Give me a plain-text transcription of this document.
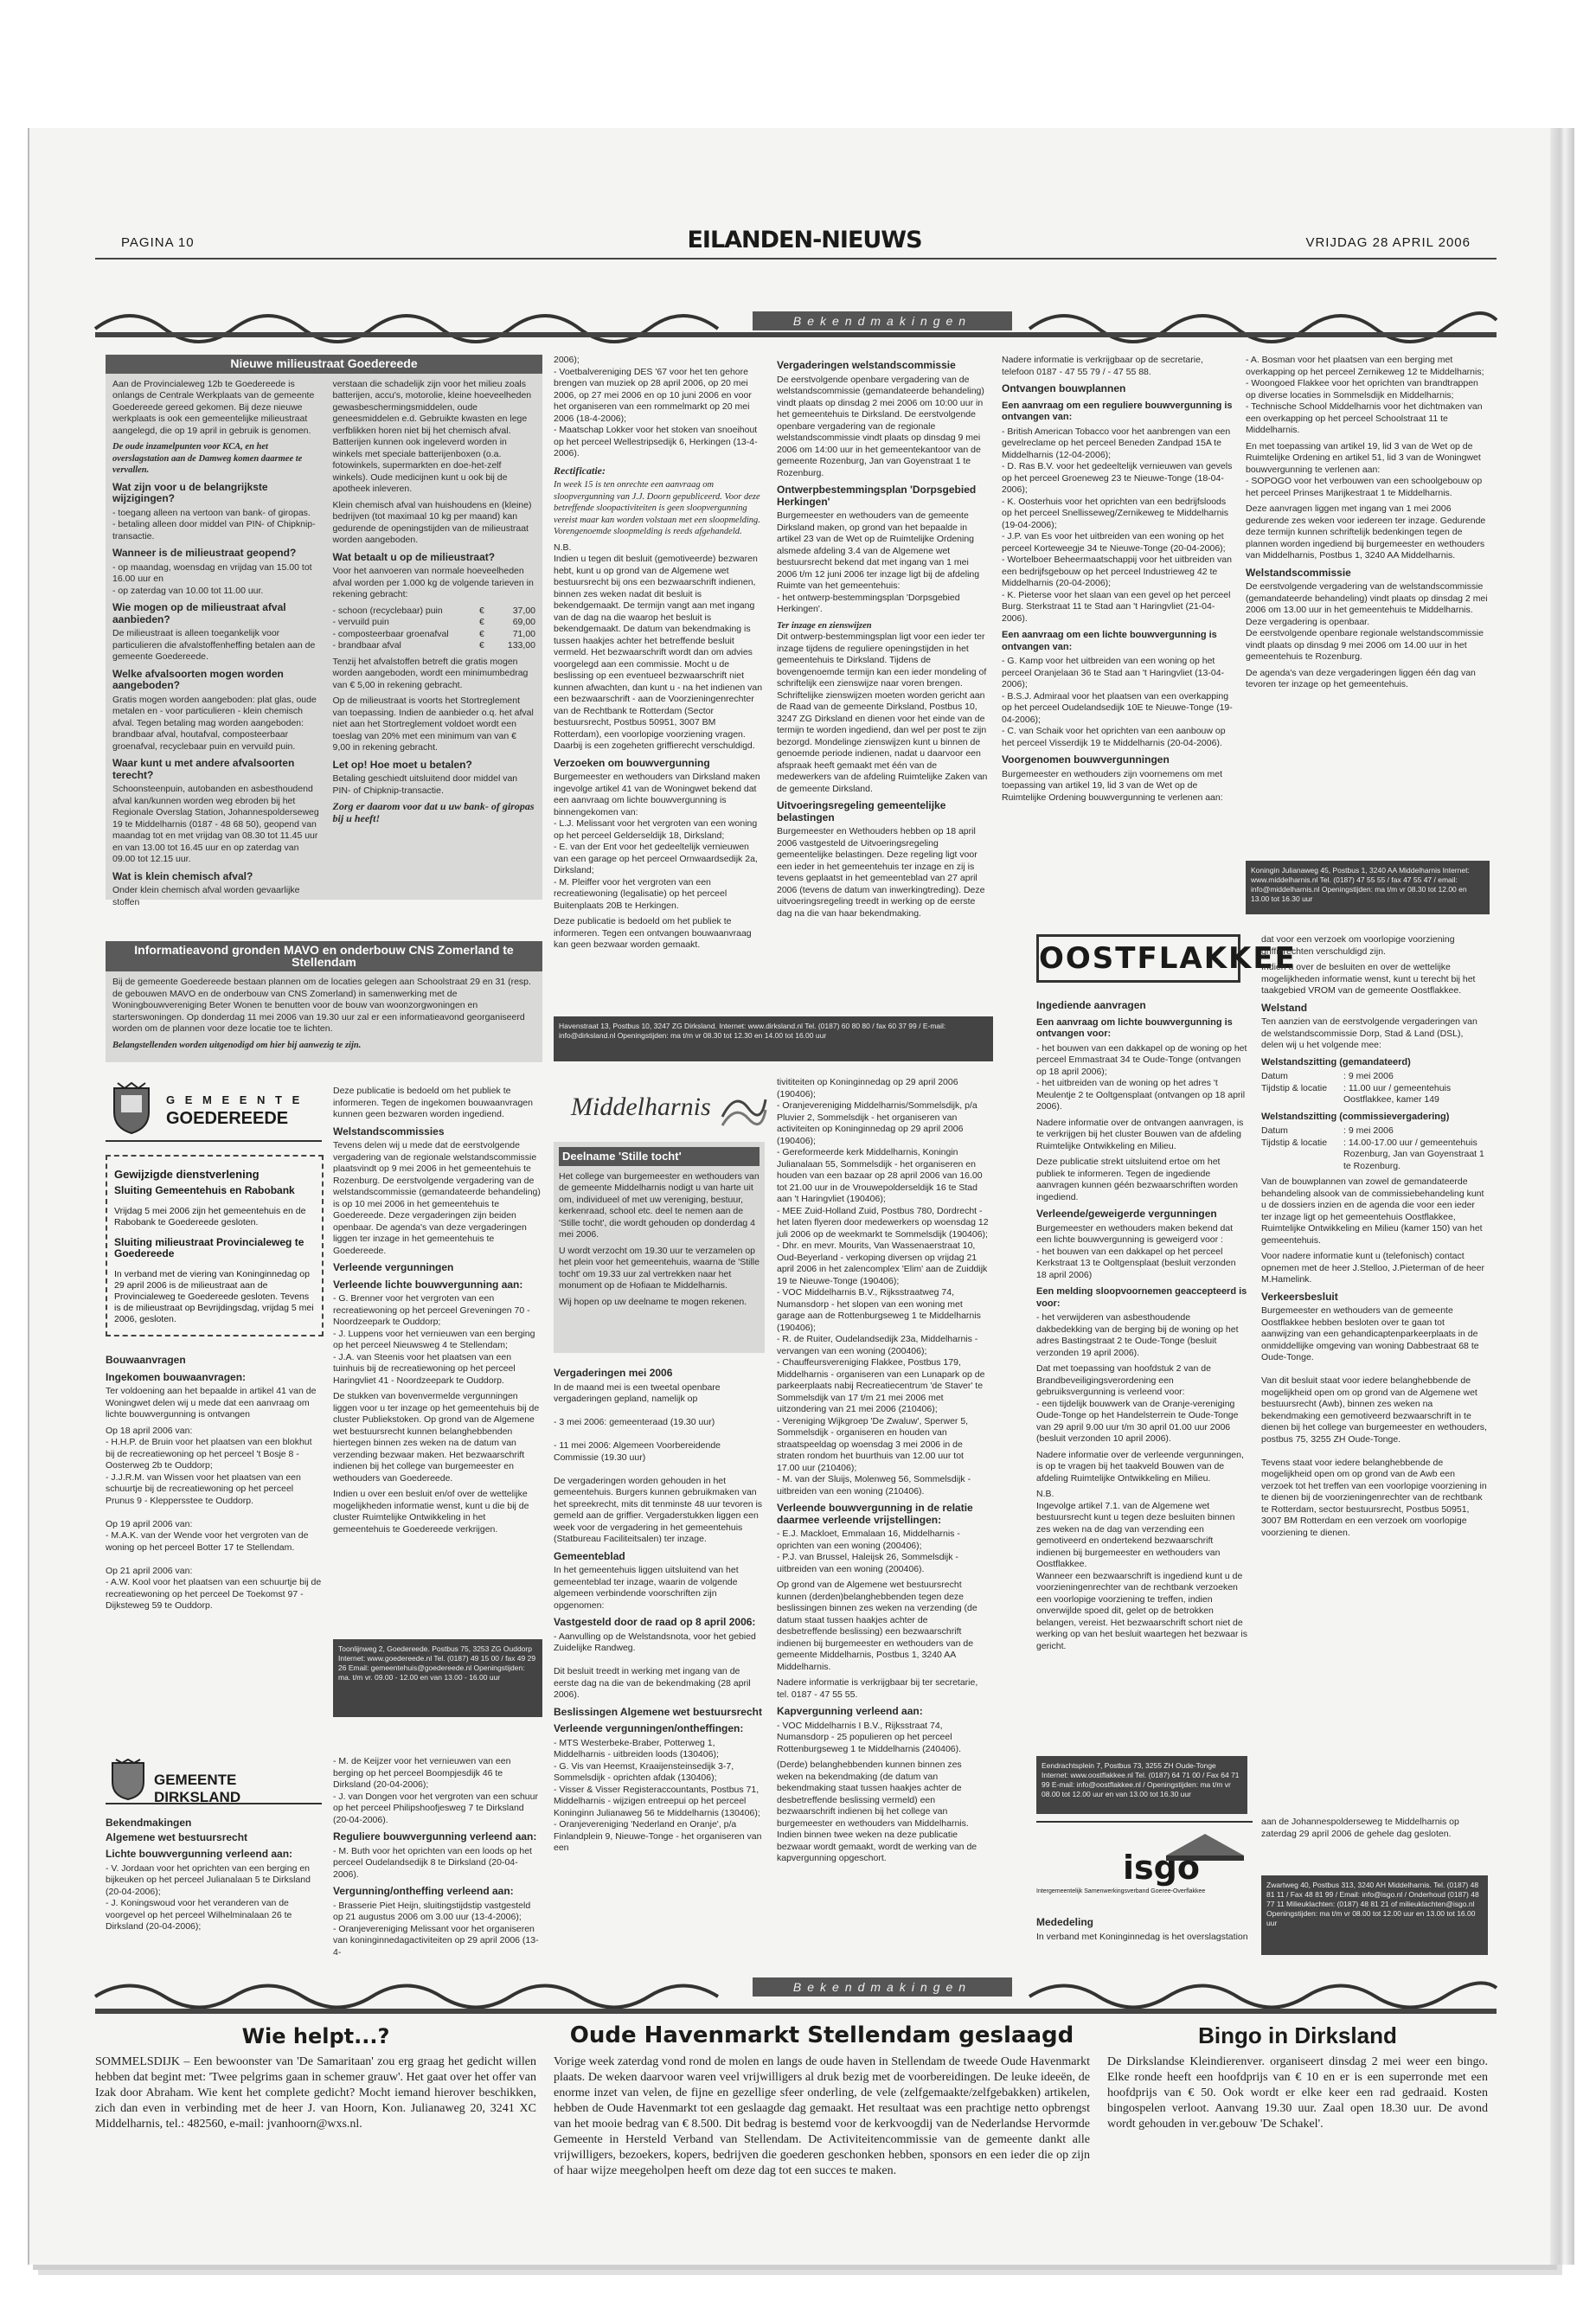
PAGINA 10	EILANDEN-NIEUWS	VRIJDAG 28 APRIL 2006
Bekendmakingen
Nieuwe milieustraat Goedereede

Aan de Provincialeweg 12b te Goedereede is onlangs de Centrale Werkplaats van de gemeente Goedereede gereed gekomen. Bij deze nieuwe werkplaats is ook een gemeentelijke milieustraat aangelegd, die op 19 april in gebruik is genomen.

De oude inzamelpunten voor KCA, en het overslagstation aan de Damweg komen daarmee te vervallen.

Wat zijn voor u de belangrijkste wijzigingen?

- toegang alleen na vertoon van bank- of giropas.
- betaling alleen door middel van PIN- of Chipknip-transactie.

Wanneer is de milieustraat geopend?

- op maandag, woensdag en vrijdag van 15.00 tot 16.00 uur en
- op zaterdag van 10.00 tot 11.00 uur.

Wie mogen op de milieustraat afval aanbieden?

De milieustraat is alleen toegankelijk voor particulieren die afvalstoffenheffing betalen aan de gemeente Goedereede.

Welke afvalsoorten mogen worden aangeboden?

Gratis mogen worden aangeboden: plat glas, oude metalen en - voor particulieren - klein chemisch afval. Tegen betaling mag worden aangeboden: brandbaar afval, houtafval, composteerbaar groenafval, recyclebaar puin en vervuild puin.

Waar kunt u met andere afvalsoorten terecht?

Schoonsteenpuin, autobanden en asbesthoudend afval kan/kunnen worden weg ebroden bij het Regionale Overslag Station, Johannespolderseweg 19 te Middelharnis (0187 - 48 68 50), geopend van maandag tot en met vrijdag van 08.30 tot 11.45 uur en van 13.00 tot 16.45 uur en op zaterdag van 09.00 tot 12.15 uur.

Wat is klein chemisch afval?

Onder klein chemisch afval worden gevaarlijke stoffen

verstaan die schadelijk zijn voor het milieu zoals batterijen, accu's, motorolie, kleine hoeveelheden gewasbeschermingsmiddelen, oude geneesmiddelen e.d. Gebruikte kwasten en lege verfblikken horen niet bij het chemisch afval. Batterijen kunnen ook ingeleverd worden in winkels met speciale batterijenboxen (o.a. fotowinkels, supermarkten en doe-het-zelf winkels). Oude medicijnen kunt u ook bij de apotheek inleveren.

Klein chemisch afval van huishoudens en (kleine) bedrijven (tot maximaal 10 kg per maand) kan gedurende de openingstijden van de milieustraat worden aangeboden.

Wat betaalt u op de milieustraat?

Voor het aanvoeren van normale hoeveelheden afval worden per 1.000 kg de volgende tarieven in rekening gebracht:

- schoon (recyclebaar) puin	€	37,00
- vervuild puin	€	69,00
- composteerbaar groenafval	€	71,00
- brandbaar afval	€	133,00

Tenzij het afvalstoffen betreft die gratis mogen worden aangeboden, wordt een minimumbedrag van € 5,00 in rekening gebracht.

Op de milieustraat is voorts het Stortreglement van toepassing. Indien de aanbieder o.q. het afval niet aan het Stortreglement voldoet wordt een toeslag van 20% met een minimum van van € 9,00 in rekening gebracht.

Let op! Hoe moet u betalen?

Betaling geschiedt uitsluitend door middel van PIN- of Chipknip-transactie.

Zorg er daarom voor dat u uw bank- of giropas bij u heeft!

Informatieavond gronden MAVO en onderbouw CNS Zomerland te Stellendam

Bij de gemeente Goedereede bestaan plannen om de locaties gelegen aan Schoolstraat 29 en 31 (resp. de gebouwen MAVO en de onderbouw van CNS Zomerland) in samenwerking met de Woningbouwvereniging Beter Wonen te benutten voor de bouw van woonzorgwoningen en starterswoningen. Op donderdag 11 mei 2006 van 19.30 uur zal er een informatieavond georganiseerd worden om de plannen voor deze locatie toe te lichten.

Belangstellenden worden uitgenodigd om hier bij aanwezig te zijn.

G E M E E N T E
GOEDEREEDE
Gewijzigde dienstverlening
Sluiting Gemeentehuis en Rabobank

Vrijdag 5 mei 2006 zijn het gemeentehuis en de Rabobank te Goedereede gesloten.

Sluiting milieustraat Provincialeweg te Goedereede

In verband met de viering van Koninginnedag op 29 april 2006 is de milieustraat aan de Provincialeweg te Goedereede gesloten. Tevens is de milieustraat op Bevrijdingsdag, vrijdag 5 mei 2006, gesloten.

Bouwaanvragen
Ingekomen bouwaanvragen:

Ter voldoening aan het bepaalde in artikel 41 van de Woningwet delen wij u mede dat een aanvraag om lichte bouwvergunning is ontvangen

Op 18 april 2006 van:
- H.H.P. de Bruin voor het plaatsen van een blokhut bij de recreatiewoning op het perceel 't Bosje 8 - Oosterweg 2b te Ouddorp;
- J.J.R.M. van Wissen voor het plaatsen van een schuurtje bij de recreatiewoning op het perceel Prunus 9 - Kleppersstee te Ouddorp.

Op 19 april 2006 van:
- M.A.K. van der Wende voor het vergroten van de woning op het perceel Botter 17 te Stellendam.

Op 21 april 2006 van:
- A.W. Kool voor het plaatsen van een schuurtje bij de recreatiewoning op het perceel De Toekomst 97 - Dijksteweg 59 te Ouddorp.

Deze publicatie is bedoeld om het publiek te informeren. Tegen de ingekomen bouwaanvragen kunnen geen bezwaren worden ingediend.

Welstandscommissies

Tevens delen wij u mede dat de eerstvolgende vergadering van de regionale welstandscommissie plaatsvindt op 9 mei 2006 in het gemeentehuis te Rozenburg. De eerstvolgende vergadering van de welstandscommissie (gemandateerde behandeling) is op 10 mei 2006 in het gemeentehuis te Goedereede. Deze vergaderingen zijn beiden openbaar. De agenda's van deze vergaderingen liggen ter inzage in het gemeentehuis te Goedereede.

Verleende vergunningen
Verleende lichte bouwvergunning aan:

- G. Brenner voor het vergroten van een recreatiewoning op het perceel Greveningen 70 - Noordzeepark te Ouddorp;
- J. Luppens voor het vernieuwen van een berging op het perceel Nieuwsweg 4 te Stellendam;
- J.A. van Steenis voor het plaatsen van een tuinhuis bij de recreatiewoning op het perceel Haringvliet 41 - Noordzeepark te Ouddorp.

De stukken van bovenvermelde vergunningen liggen voor u ter inzage op het gemeentehuis bij de cluster Publiekstoken. Op grond van de Algemene wet bestuursrecht kunnen belanghebbenden hiertegen binnen zes weken na de datum van verzending bezwaar maken. Het bezwaarschrift indienen bij het college van burgemeester en wethouders van Goedereede.

Indien u over een besluit en/of over de wettelijke mogelijkheden informatie wenst, kunt u die bij de cluster Ruimtelijke Ontwikkeling in het gemeentehuis te Goedereede verkrijgen.

Toonlijnweg 2, Goedereede. Postbus 75, 3253 ZG Ouddorp Internet: www.goedereede.nl Tel. (0187) 49 15 00 / fax 49 29 26 Email: gemeentehuis@goedereede.nl Openingstijden: ma. t/m vr. 09.00 - 12.00 en van 13.00 - 16.00 uur
GEMEENTE DIRKSLAND
Bekendmakingen
Algemene wet bestuursrecht
Lichte bouwvergunning verleend aan:

- V. Jordaan voor het oprichten van een berging en bijkeuken op het perceel Julianalaan 5 te Dirksland (20-04-2006);
- J. Koningswoud voor het veranderen van de voorgevel op het perceel Wilhelminalaan 26 te Dirksland (20-04-2006);

- M. de Keijzer voor het vernieuwen van een berging op het perceel Boompjesdijk 46 te Dirksland (20-04-2006);
- J. van Dongen voor het vergroten van een schuur op het perceel Philipshoofjesweg 7 te Dirksland (20-04-2006).

Reguliere bouwvergunning verleend aan:

- M. Buth voor het oprichten van een loods op het perceel Oudelandsedijk 8 te Dirksland (20-04-2006).

Vergunning/ontheffing verleend aan:

- Brasserie Piet Heijn, sluitingstijdstip vastgesteld op 21 augustus 2006 om 3.00 uur (13-4-2006);
- Oranjevereniging Melissant voor het organiseren van koninginnedagactiviteiten op 29 april 2006 (13-4-

2006);
- Voetbalvereniging DES '67 voor het ten gehore brengen van muziek op 28 april 2006, op 20 mei 2006, op 27 mei 2006 en op 10 juni 2006 en voor het organiseren van een rommelmarkt op 20 mei 2006 (18-4-2006);
- Maatschap Lokker voor het stoken van snoeihout op het perceel Wellestripsedijk 6, Herkingen (13-4-2006).

Rectificatie:

In week 15 is ten onrechte een aanvraag om sloopvergunning van J.J. Doorn gepubliceerd. Voor deze betreffende sloopactiviteiten is geen sloopvergunning vereist maar kan worden volstaan met een sloopmelding. Vorengenoemde sloopmelding is reeds afgehandeld.

N.B.
Indien u tegen dit besluit (gemotiveerde) bezwaren hebt, kunt u op grond van de Algemene wet bestuursrecht bij ons een bezwaarschrift indienen, binnen zes weken nadat dit besluit is bekendgemaakt. De termijn vangt aan met ingang van de dag na die waarop het besluit is bekendgemaakt. De datum van bekendmaking is tussen haakjes achter het betreffende besluit vermeld. Het bezwaarschrift wordt dan om advies voorgelegd aan een commissie. Mocht u de beslissing op een eventueel bezwaarschrift niet kunnen afwachten, dan kunt u - na het indienen van een bezwaarschrift - aan de Voorzieningenrechter van de Rechtbank te Rotterdam (Sector bestuursrecht, Postbus 50951, 3007 BM Rotterdam), een voorlopige voorziening vragen. Daarbij is een zogeheten griffierecht verschuldigd.

Verzoeken om bouwvergunning

Burgemeester en wethouders van Dirksland maken ingevolge artikel 41 van de Woningwet bekend dat een aanvraag om lichte bouwvergunning is binnengekomen van:
- L.J. Melissant voor het vergroten van een woning op het perceel Gelderseldijk 18, Dirksland;
- E. van der Ent voor het gedeeltelijk vernieuwen van een garage op het perceel Ornwaardsedijk 2a, Dirksland;
- M. Pleiffer voor het vergroten van een recreatiewoning (legalisatie) op het perceel Buitenplaats 20B te Herkingen.

Deze publicatie is bedoeld om het publiek te informeren. Tegen een ontvangen bouwaanvraag kan geen bezwaar worden gemaakt.

Havenstraat 13, Postbus 10, 3247 ZG Dirksland. Internet: www.dirksland.nl Tel. (0187) 60 80 80 / fax 60 37 99 / E-mail: info@dirksland.nl Openingstijden: ma t/m vr 08.30 tot 12.30 en 14.00 tot 16.00 uur
Vergaderingen welstandscommissie

De eerstvolgende openbare vergadering van de welstandscommissie (gemandateerde behandeling) vindt plaats op dinsdag 2 mei 2006 om 10:00 uur in het gemeentehuis te Dirksland. De eerstvolgende openbare vergadering van de regionale welstandscommissie vindt plaats op dinsdag 9 mei 2006 om 14:00 uur in het gemeentekantoor van de gemeente Rozenburg, Jan van Goyenstraat 1 te Rozenburg.

Ontwerpbestemmingsplan 'Dorpsgebied Herkingen'

Burgemeester en wethouders van de gemeente Dirksland maken, op grond van het bepaalde in artikel 23 van de Wet op de Ruimtelijke Ordening alsmede afdeling 3.4 van de Algemene wet bestuursrecht bekend dat met ingang van 1 mei 2006 t/m 12 juni 2006 ter inzage ligt bij de afdeling Ruimte van het gemeentehuis:
- het ontwerp-bestemmingsplan 'Dorpsgebied Herkingen'.

Ter inzage en zienswijzen

Dit ontwerp-bestemmingsplan ligt voor een ieder ter inzage tijdens de reguliere openingstijden in het gemeentehuis te Dirksland. Tijdens de bovengenoemde termijn kan een ieder mondeling of schriftelijk een zienswijze naar voren brengen. Schriftelijke zienswijzen moeten worden gericht aan de Raad van de gemeente Dirksland, Postbus 10, 3247 ZG Dirksland en dienen voor het einde van de termijn te worden ingediend, dan wel per post te zijn bezorgd. Mondelinge zienswijzen kunt u binnen de genoemde periode indienen, nadat u daarvoor een afspraak heeft gemaakt met één van de medewerkers van de afdeling Ruimtelijke Zaken van de gemeente Dirksland.

Uitvoeringsregeling gemeentelijke belastingen

Burgemeester en Wethouders hebben op 18 april 2006 vastgesteld de Uitvoeringsregeling gemeentelijke belastingen. Deze regeling ligt voor een ieder in het gemeentehuis ter inzage en zij is tevens geplaatst in het gemeenteblad van 27 april 2006 (tevens de datum van inwerkingtreding). Deze uitvoeringsregeling treedt in werking op de eerste dag na die van haar bekendmaking.

Middelharnis
Deelname 'Stille tocht'

Het college van burgemeester en wethouders van de gemeente Middelharnis nodigt u van harte uit om, individueel of met uw vereniging, bestuur, kerkenraad, school etc. deel te nemen aan de 'Stille tocht', die wordt gehouden op donderdag 4 mei 2006.

U wordt verzocht om 19.30 uur te verzamelen op het plein voor het gemeentehuis, waarna de 'Stille tocht' om 19.33 uur zal vertrekken naar het monument op de Hofiaan te Middelharnis.

Wij hopen op uw deelname te mogen rekenen.

Vergaderingen mei 2006

In de maand mei is een tweetal openbare vergaderingen gepland, namelijk op

- 3 mei 2006: gemeenteraad (19.30 uur)

- 11 mei 2006: Algemeen Voorbereidende Commissie (19.30 uur)

De vergaderingen worden gehouden in het gemeentehuis. Burgers kunnen gebruikmaken van het spreekrecht, mits dit tenminste 48 uur tevoren is gemeld aan de griffier. Vergaderstukken liggen een week voor de vergadering in het gemeentehuis (Statbureau Faciliteitsalen) ter inzage.

Gemeenteblad

In het gemeentehuis liggen uitsluitend van het gemeenteblad ter inzage, waarin de volgende algemeen verbindende voorschriften zijn opgenomen:

Vastgesteld door de raad op 8 april 2006:

- Aanvulling op de Welstandsnota, voor het gebied Zuidelijke Randweg.

Dit besluit treedt in werking met ingang van de eerste dag na die van de bekendmaking (28 april 2006).

Beslissingen Algemene wet bestuursrecht
Verleende vergunningen/ontheffingen:

- MTS Westerbeke-Braber, Potterweg 1, Middelharnis - uitbreiden loods (130406);
- G. Vis van Heemst, Kraaijensteinsedijk 3-7, Sommelsdijk - oprichten afdak (130406);
- Visser & Visser Registeraccountants, Postbus 71, Middelharnis - wijzigen entreepui op het perceel Koninginn Julianaweg 56 te Middelharnis (130406);
- Oranjevereniging 'Nederland en Oranje', p/a Finlandplein 9, Nieuwe-Tonge - het organiseren van een

tivititeiten op Koninginnedag op 29 april 2006 (190406);
- Oranjevereniging Middelharnis/Sommelsdijk, p/a Pluvier 2, Sommelsdijk - het organiseren van activiteiten op Koninginnedag op 29 april 2006 (190406);
- Gereformeerde kerk Middelharnis, Koningin Julianalaan 55, Sommelsdijk - het organiseren en houden van een bazaar op 28 april 2006 van 16.00 tot 21.00 uur in de Vrouwepolderseldijk 16 te Stad aan 't Haringvliet (190406);
- MEE Zuid-Holland Zuid, Postbus 780, Dordrecht - het laten flyeren door medewerkers op woensdag 12 juli 2006 op de weekmarkt te Sommelsdijk (190406);
- Dhr. en mevr. Mourits, Van Wassenaerstraat 10, Oud-Beyerland - verkoping diversen op vrijdag 21 april 2006 in het zalencomplex 'Elim' aan de Zuiddijk 19 te Nieuwe-Tonge (190406);
- VOC Middelharnis B.V., Rijksstraatweg 74, Numansdorp - het slopen van een woning met garage aan de Rottenburgseweg 1 te Middelharnis (190406);
- R. de Ruiter, Oudelandsedijk 23a, Middelharnis - vervangen van een woning (200406);
- Chauffeursvereniging Flakkee, Postbus 179, Middelharnis - organiseren van een Lunapark op de parkeerplaats nabij Recreatiecentrum 'de Staver' te Sommelsdijk van 17 t/m 21 mei 2006 met uitzondering van 21 mei 2006 (210406);
- Vereniging Wijkgroep 'De Zwaluw', Sperwer 5, Sommelsdijk - organiseren en houden van straatspeeldag op woensdag 3 mei 2006 in de straten rondom het buurthuis van 12.00 uur tot 17.00 uur (210406);
- M. van der Sluijs, Molenweg 56, Sommelsdijk - uitbreiden van een woning (210406).

Verleende bouwvergunning in de relatie daarmee verleende vrijstellingen:

- E.J. Mackloet, Emmalaan 16, Middelharnis - oprichten van een woning (200406);
- P.J. van Brussel, Haleijsk 26, Sommelsdijk - uitbreiden van een woning (200406).

Op grond van de Algemene wet bestuursrecht kunnen (derden)belanghebbenden tegen deze beslissingen binnen zes weken na verzending (de datum staat tussen haakjes achter de desbetreffende beslissing) een bezwaarschrift indienen bij burgemeester en wethouders van de gemeente Middelharnis, Postbus 1, 3240 AA Middelharnis.

Nadere informatie is verkrijgbaar bij ter secretarie, tel. 0187 - 47 55 55.

Kapvergunning verleend aan:

- VOC Middelharnis I B.V., Rijksstraat 74, Numansdorp - 25 populieren op het perceel Rottenburgseweg 1 te Middelharnis (240406).

(Derde) belanghebbenden kunnen binnen zes weken na bekendmaking (de datum van bekendmaking staat tussen haakjes achter de desbetreffende beslissing vermeld) een bezwaarschrift indienen bij het college van burgemeester en wethouders van Middelharnis. Indien binnen twee weken na deze publicatie bezwaar wordt gemaakt, wordt de werking van de kapvergunning opgeschort.

Nadere informatie is verkrijgbaar op de secretarie, telefoon 0187 - 47 55 79 / - 47 55 88.

Ontvangen bouwplannen
Een aanvraag om een reguliere bouwvergunning is ontvangen van:

- British American Tobacco voor het aanbrengen van een gevelreclame op het perceel Beneden Zandpad 15A te Middelharnis (12-04-2006);
- D. Ras B.V. voor het gedeeltelijk vernieuwen van gevels op het perceel Groeneweg 23 te Nieuwe-Tonge (18-04-2006);
- K. Oosterhuis voor het oprichten van een bedrijfsloods op het perceel Snellisseweg/Zernikeweg te Middelharnis (19-04-2006);
- J.P. van Es voor het uitbreiden van een woning op het perceel Korteweegje 34 te Nieuwe-Tonge (20-04-2006);
- Wortelboer Beheermaatschappij voor het uitbreiden van een bedrijfsgebouw op het perceel Industrieweg 42 te Middelharnis (20-04-2006);
- K. Pieterse voor het slaan van een gevel op het perceel Burg. Sterkstraat 11 te Stad aan 't Haringvliet (21-04-2006).

Een aanvraag om een lichte bouwvergunning is ontvangen van:

- G. Kamp voor het uitbreiden van een woning op het perceel Oranjelaan 36 te Stad aan 't Haringvliet (13-04-2006);
- B.S.J. Admiraal voor het plaatsen van een overkapping op het perceel Oudelandsedijk 10E te Nieuwe-Tonge (19-04-2006);
- C. van Schaik voor het oprichten van een aanbouw op het perceel Visserdijk 19 te Middelharnis (20-04-2006).

Voorgenomen bouwvergunningen

Burgemeester en wethouders zijn voornemens om met toepassing van artikel 19, lid 3 van de Wet op de Ruimtelijke Ordening bouwvergunning te verlenen aan:

- A. Bosman voor het plaatsen van een berging met overkapping op het perceel Zernikeweg 12 te Middelharnis;
- Woongoed Flakkee voor het oprichten van brandtrappen op diverse locaties in Sommelsdijk en Middelharnis;
- Technische School Middelharnis voor het dichtmaken van een overkapping op het perceel Schoolstraat 11 te Middelharnis.

En met toepassing van artikel 19, lid 3 van de Wet op de Ruimtelijke Ordening en artikel 51, lid 3 van de Woningwet bouwvergunning te verlenen aan:
- SOPOGO voor het verbouwen van een schoolgebouw op het perceel Prinses Marijkestraat 1 te Middelharnis.

Deze aanvragen liggen met ingang van 1 mei 2006 gedurende zes weken voor iedereen ter inzage. Gedurende deze termijn kunnen schriftelijk bedenkingen tegen de plannen worden ingediend bij burgemeester en wethouders van Middelharnis, Postbus 1, 3240 AA Middelharnis.

Welstandscommissie

De eerstvolgende vergadering van de welstandscommissie (gemandateerde behandeling) vindt plaats op dinsdag 2 mei 2006 om 13.00 uur in het gemeentehuis te Middelharnis. Deze vergadering is openbaar.
De eerstvolgende openbare regionale welstandscommissie vindt plaats op dinsdag 9 mei 2006 om 14.00 uur in het gemeentehuis te Rozenburg.

De agenda's van deze vergaderingen liggen één dag van tevoren ter inzage op het gemeentehuis.

Koningin Julianaweg 45, Postbus 1, 3240 AA Middelharnis Internet: www.middelharnis.nl Tel. (0187) 47 55 55 / fax 47 55 47 / email: info@middelharnis.nl Openingstijden: ma t/m vr 08.30 tot 12.00 en 13.00 tot 16.30 uur
OOSTFLAKKEE
Ingediende aanvragen
Een aanvraag om lichte bouwvergunning is ontvangen voor:

- het bouwen van een dakkapel op de woning op het perceel Emmastraat 34 te Oude-Tonge (ontvangen op 18 april 2006);
- het uitbreiden van de woning op het adres 't Meulentje 2 te Ooltgensplaat (ontvangen op 18 april 2006).

Nadere informatie over de ontvangen aanvragen, is te verkrijgen bij het cluster Bouwen van de afdeling Ruimtelijke Ontwikkeling en Milieu.

Deze publicatie strekt uitsluitend ertoe om het publiek te informeren. Tegen de ingediende aanvragen kunnen géén bezwaarschriften worden ingediend.

Verleende/geweigerde vergunningen

Burgemeester en wethouders maken bekend dat een lichte bouwvergunning is geweigerd voor :
- het bouwen van een dakkapel op het perceel Kerkstraat 13 te Ooltgensplaat (besluit verzonden 18 april 2006)

Een melding sloopvoornemen geaccepteerd is voor:

- het verwijderen van asbesthoudende dakbedekking van de berging bij de woning op het adres Bastingstraat 2 te Oude-Tonge (besluit verzonden 19 april 2006).

Dat met toepassing van hoofdstuk 2 van de Brandbeveiligingsverordening een gebruiksvergunning is verleend voor:
- een tijdelijk bouwwerk van de Oranje-vereniging Oude-Tonge op het Handelsterrein te Oude-Tonge van 29 april 9.00 uur t/m 30 april 01.00 uur 2006 (besluit verzonden 10 april 2006).

Nadere informatie over de verleende vergunningen, is op te vragen bij het taakveld Bouwen van de afdeling Ruimtelijke Ontwikkeling en Milieu.

N.B.
Ingevolge artikel 7.1. van de Algemene wet bestuursrecht kunt u tegen deze besluiten binnen zes weken na de dag van verzending een gemotiveerd en ondertekend bezwaarschrift indienen bij burgemeester en wethouders van Oostflakkee.
Wanneer een bezwaarschrift is ingediend kunt u de voorzieningenrechter van de rechtbank verzoeken een voorlopige voorziening te treffen, indien onverwijlde spoed dit, gelet op de betrokken belangen, vereist. Het bezwaarschrift schort niet de werking op van het besluit waartegen het bezwaar is gericht.

Eendrachtsplein 7, Postbus 73, 3255 ZH Oude-Tonge Internet: www.oostflakkee.nl Tel. (0187) 64 71 00 / Fax 64 71 99 E-mail: info@oostflakkee.nl / Openingstijden: ma t/m vr 08.00 tot 12.00 uur en van 13.00 tot 16.30 uur

dat voor een verzoek om voorlopige voorziening griffierechten verschuldigd zijn.

Indien u over de besluiten en over de wettelijke mogelijkheden informatie wenst, kunt u terecht bij het taakgebied VROM van de gemeente Oostflakkee.

Welstand

Ten aanzien van de eerstvolgende vergaderingen van de welstandscommissie Dorp, Stad & Land (DSL), delen wij u het volgende mee:

Welstandszitting (gemandateerd)
Datum	: 9 mei 2006
Tijdstip & locatie	: 11.00 uur / gemeentehuis Oostflakkee, kamer 149
Welstandszitting (commissievergadering)
Datum	: 9 mei 2006
Tijdstip & locatie	: 14.00-17.00 uur / gemeentehuis Rozenburg, Jan van Goyenstraat 1 te Rozenburg.

Van de bouwplannen van zowel de gemandateerde behandeling alsook van de commissiebehandeling kunt u de dossiers inzien en de agenda die voor een ieder ter inzage ligt op het gemeentehuis Oostflakkee, Ruimtelijke Ontwikkeling en Milieu (kamer 150) van het gemeentehuis.

Voor nadere informatie kunt u (telefonisch) contact opnemen met de heer J.Stelloo, J.Pieterman of de heer M.Hamelink.

Verkeersbesluit

Burgemeester en wethouders van de gemeente Oostflakkee hebben besloten over te gaan tot aanwijzing van een gehandicaptenparkeerplaats in de onmiddellijke omgeving van woning Dabbestraat 68 te Oude-Tonge.

Van dit besluit staat voor iedere belanghebbende de mogelijkheid open om op grond van de Algemene wet bestuursrecht (Awb), binnen zes weken na bekendmaking een gemotiveerd bezwaarschrift in te dienen bij het college van burgemeester en wethouders, postbus 75, 3255 ZH Oude-Tonge.

Tevens staat voor iedere belanghebbende de mogelijkheid open om op grond van de Awb een verzoek tot het treffen van een voorlopige voorziening in te dienen bij de voorzieningenrechter van de rechtbank te Rotterdam, sector bestuursrecht, Postbus 50951, 3007 BM Rotterdam en een verzoek om voorlopige voorziening te dienen.

isgo
Intergemeentelijk Samenwerkingsverband Goeree-Overflakkee
Mededeling

In verband met Koninginnedag is het overslagstation

aan de Johannespolderseweg te Middelharnis op zaterdag 29 april 2006 de gehele dag gesloten.

Zwartweg 40, Postbus 313, 3240 AH Middelharnis. Tel. (0187) 48 81 11 / Fax 48 81 99 / Email: info@isgo.nl / Onderhoud (0187) 48 77 11 Milieuklachten: (0187) 48 81 21 of milieuklachten@isgo.nl Openingstijden: ma t/m vr 08.00 tot 12.00 uur en 13.00 tot 16.00 uur
Bekendmakingen
Wie helpt...?
SOMMELSDIJK – Een bewoonster van 'De Samaritaan' zou erg graag het gedicht willen hebben dat begint met: 'Twee pelgrims gaan in schemer grauw'. Het gaat over het offer van Izak door Abraham. Wie kent het complete gedicht? Mocht iemand hierover beschikken, zich dan even in verbinding met de heer J. van Hoorn, Kon. Julianaweg 20, 3241 XC Middelharnis, tel.: 482560, e-mail: jvanhoorn@wxs.nl.
Oude Havenmarkt Stellendam geslaagd
Vorige week zaterdag vond rond de molen en langs de oude haven in Stellendam de tweede Oude Havenmarkt plaats. De weken daarvoor waren veel vrijwilligers al druk bezig met de voorbereidingen. De leuke ideeën, de enorme inzet van velen, de fijne en gezellige sfeer onderling, de vele (zelfgemaakte/zelfgebakken) artikelen, hebben de Oude Havenmarkt tot een geslaagde dag gemaakt. Het resultaat was een prachtige netto opbrengst van het mooie bedrag van € 8.500. Dit bedrag is bestemd voor de kerkvoogdij van de Nederlandse Hervormde Gemeente in Hersteld Verband van Stellendam. De Activiteitencommissie van de gemeente dankt alle vrijwilligers, bezoekers, kopers, bedrijven die goederen geschonken hebben, sponsors en een ieder die op zijn of haar wijze meegeholpen heeft om deze dag tot een succes te maken.
Bingo in Dirksland
De Dirkslandse Kleindierenver. organiseert dinsdag 2 mei weer een bingo. Elke ronde heeft een hoofdprijs van € 10 en er is een superronde met een hoofdprijs van € 50. Ook wordt er elke keer een rad gedraaid. Kosten bingospelen verloot. Aanvang 19.30 uur. Zaal open 18.30 uur. De avond wordt gehouden in ver.gebouw 'De Schakel'.
